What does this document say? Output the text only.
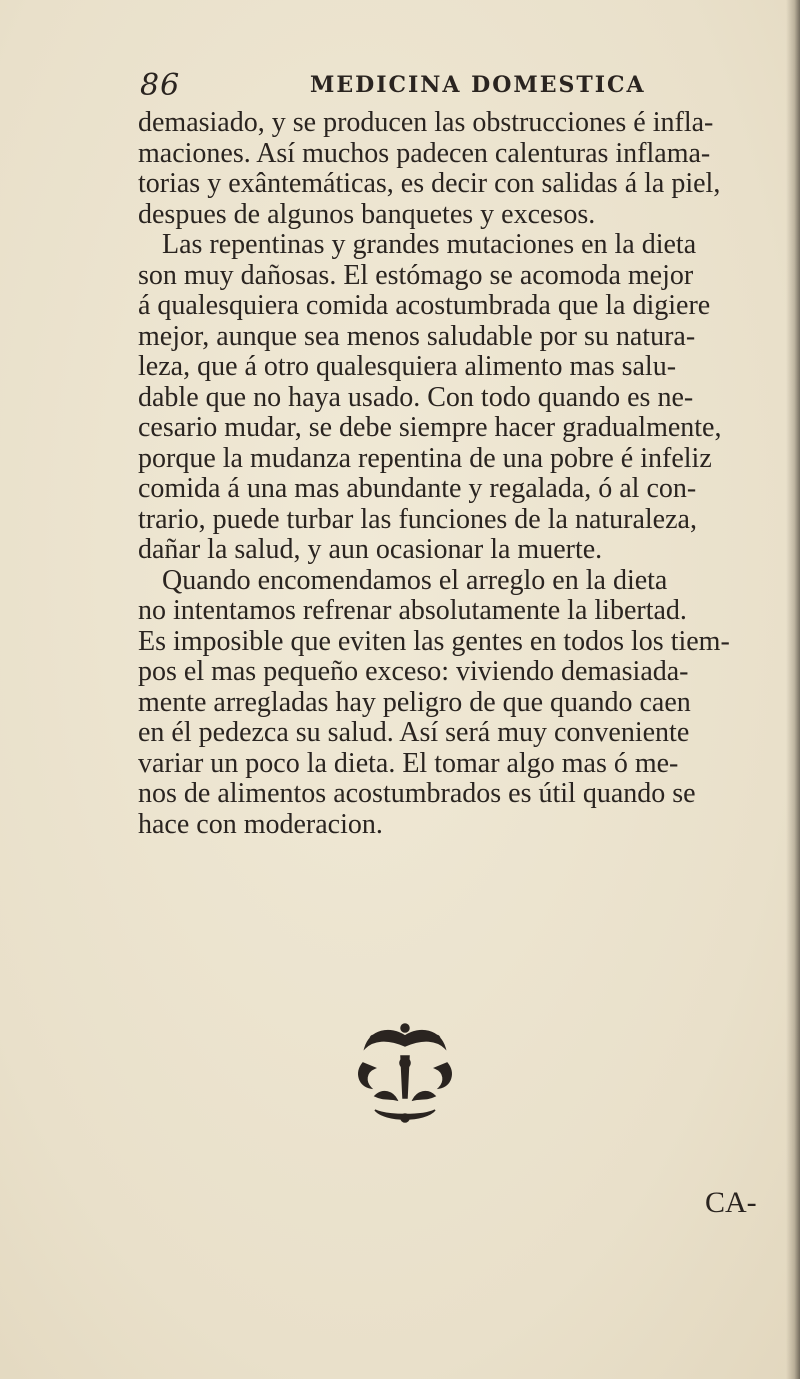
86	MEDICINA DOMESTICA
demasiado, y se producen las obstrucciones é infla-
maciones. Así muchos padecen calenturas inflama-
torias y exântemáticas, es decir con salidas á la piel,
despues de algunos banquetes y excesos.
Las repentinas y grandes mutaciones en la dieta
son muy dañosas. El estómago se acomoda mejor
á qualesquiera comida acostumbrada que la digiere
mejor, aunque sea menos saludable por su natura-
leza, que á otro qualesquiera alimento mas salu-
dable que no haya usado. Con todo quando es ne-
cesario mudar, se debe siempre hacer gradualmente,
porque la mudanza repentina de una pobre é infeliz
comida á una mas abundante y regalada, ó al con-
trario, puede turbar las funciones de la naturaleza,
dañar la salud, y aun ocasionar la muerte.
Quando encomendamos el arreglo en la dieta
no intentamos refrenar absolutamente la libertad.
Es imposible que eviten las gentes en todos los tiem-
pos el mas pequeño exceso: viviendo demasiada-
mente arregladas hay peligro de que quando caen
en él pedezca su salud. Así será muy conveniente
variar un poco la dieta. El tomar algo mas ó me-
nos de alimentos acostumbrados es útil quando se
hace con moderacion.
CA-
